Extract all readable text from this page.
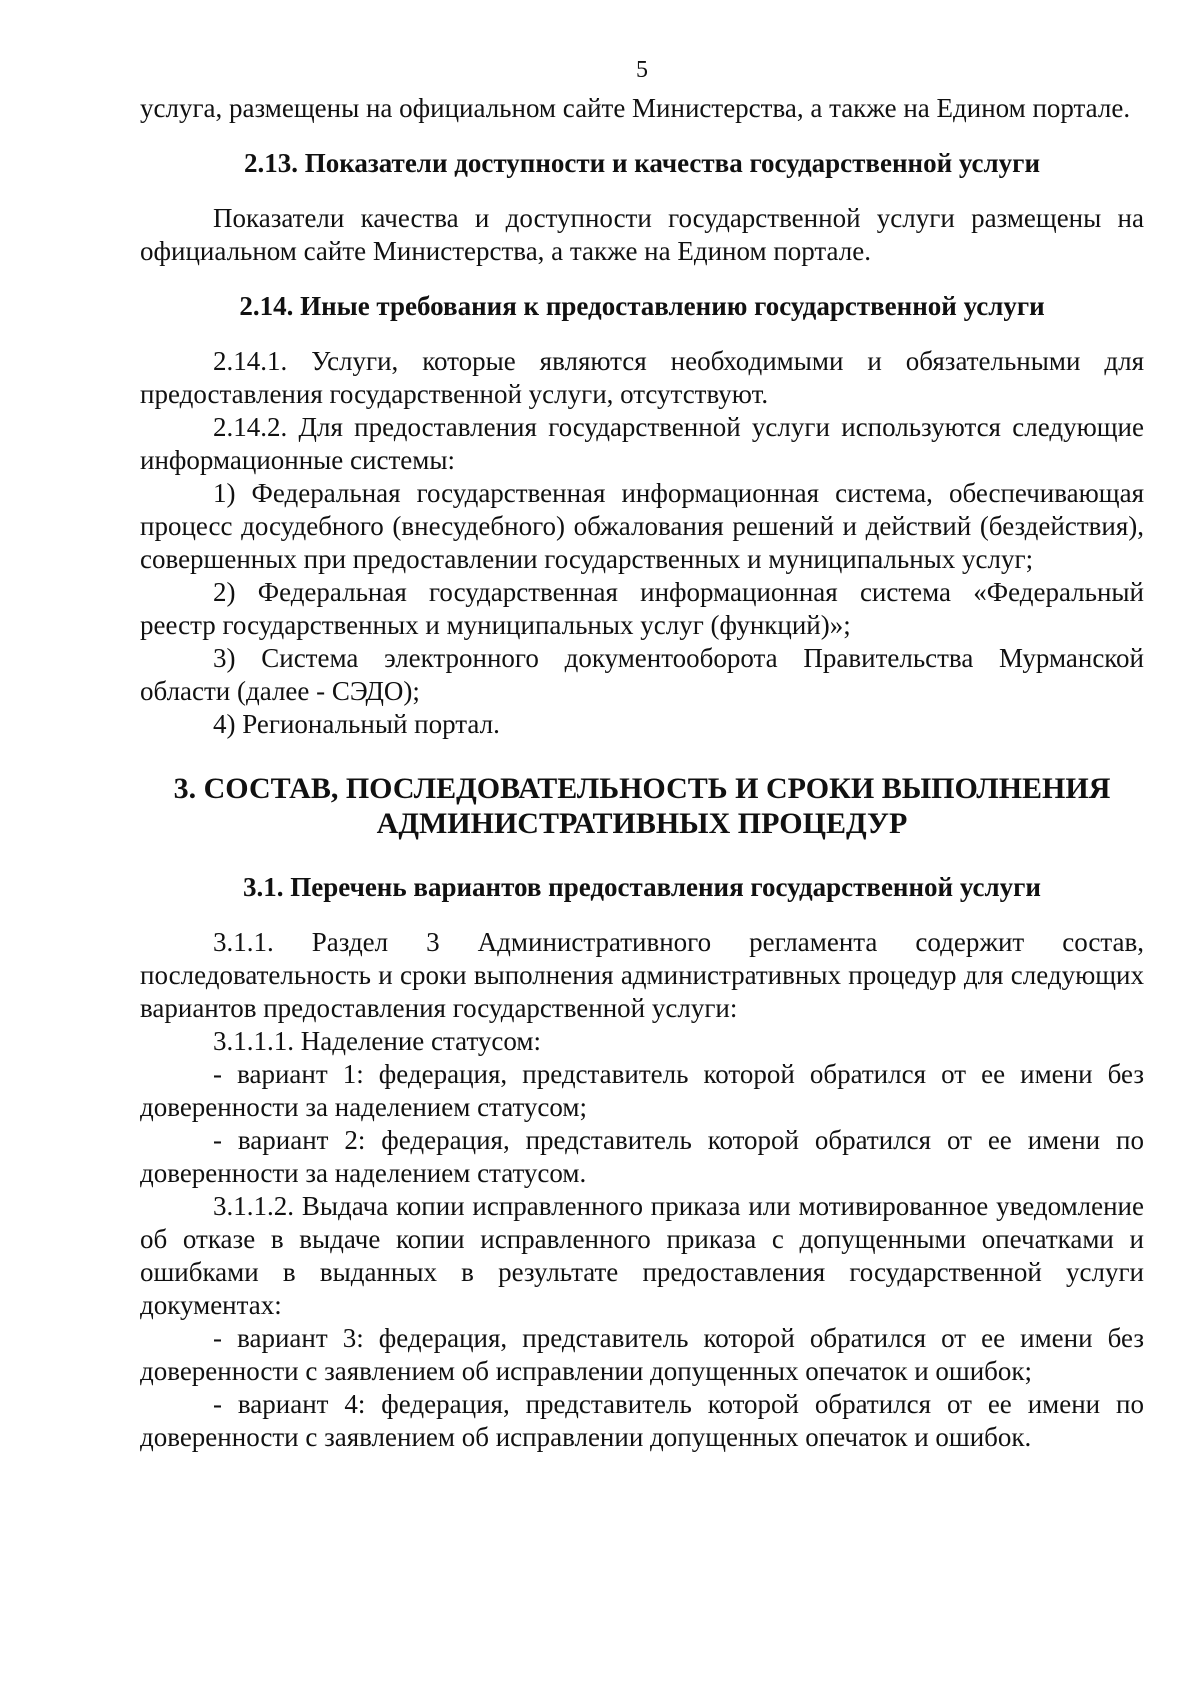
5

услуга, размещены на официальном сайте Министерства, а также на Едином портале.

2.13. Показатели доступности и качества государственной услуги

Показатели качества и доступности государственной услуги размещены на официальном сайте Министерства, а также на Едином портале.

2.14. Иные требования к предоставлению государственной услуги

2.14.1. Услуги, которые являются необходимыми и обязательными для предоставления государственной услуги, отсутствуют.

2.14.2. Для предоставления государственной услуги используются следующие информационные системы:

1) Федеральная государственная информационная система, обеспечивающая процесс досудебного (внесудебного) обжалования решений и действий (бездействия), совершенных при предоставлении государственных и муниципальных услуг;

2) Федеральная государственная информационная система «Федеральный реестр государственных и муниципальных услуг (функций)»;

3) Система электронного документооборота Правительства Мурманской области (далее - СЭДО);

4) Региональный портал.

3. СОСТАВ, ПОСЛЕДОВАТЕЛЬНОСТЬ И СРОКИ ВЫПОЛНЕНИЯ
АДМИНИСТРАТИВНЫХ ПРОЦЕДУР
3.1. Перечень вариантов предоставления государственной услуги

3.1.1. Раздел 3 Административного регламента содержит состав, последовательность и сроки выполнения административных процедур для следующих вариантов предоставления государственной услуги:

3.1.1.1. Наделение статусом:

- вариант 1: федерация, представитель которой обратился от ее имени без доверенности за наделением статусом;

- вариант 2: федерация, представитель которой обратился от ее имени по доверенности за наделением статусом.

3.1.1.2. Выдача копии исправленного приказа или мотивированное уведомление об отказе в выдаче копии исправленного приказа с допущенными опечатками и ошибками в выданных в результате предоставления государственной услуги документах:

- вариант 3: федерация, представитель которой обратился от ее имени без доверенности с заявлением об исправлении допущенных опечаток и ошибок;

- вариант 4: федерация, представитель которой обратился от ее имени по доверенности с заявлением об исправлении допущенных опечаток и ошибок.
